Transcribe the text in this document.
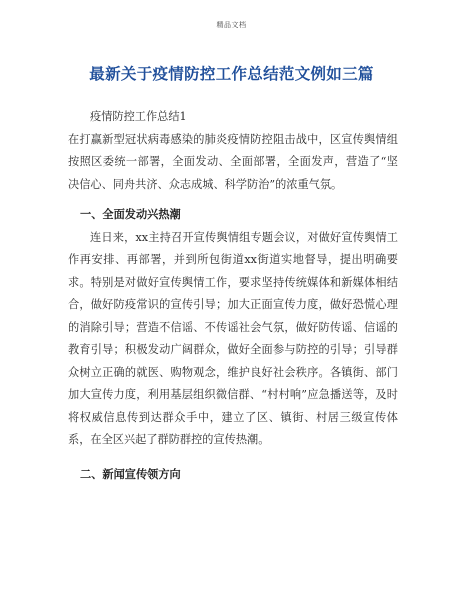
精品文档
最新关于疫情防控工作总结范文例如三篇

疫情防控工作总结1

在打赢新型冠状病毒感染的肺炎疫情防控阻击战中，区宣传舆情组按照区委统一部署，全面发动、全面部署，全面发声，营造了“坚决信心、同舟共济、众志成城、科学防治”的浓重气氛。

一、全面发动兴热潮

连日来，xx主持召开宣传舆情组专题会议，对做好宣传舆情工作再安排、再部署，并到所包街道xx街道实地督导，提出明确要求。特别是对做好宣传舆情工作，要求坚持传统媒体和新媒体相结合，做好防疫常识的宣传引导；加大正面宣传力度，做好恐慌心理的消除引导；营造不信谣、不传谣社会气氛，做好防传谣、信谣的教育引导；积极发动广阔群众，做好全面参与防控的引导；引导群众树立正确的就医、购物观念，维护良好社会秩序。各镇街、部门加大宣传力度，利用基层组织微信群、“村村响”应急播送等，及时将权威信息传到达群众手中，建立了区、镇街、村居三级宣传体系，在全区兴起了群防群控的宣传热潮。

二、新闻宣传领方向
